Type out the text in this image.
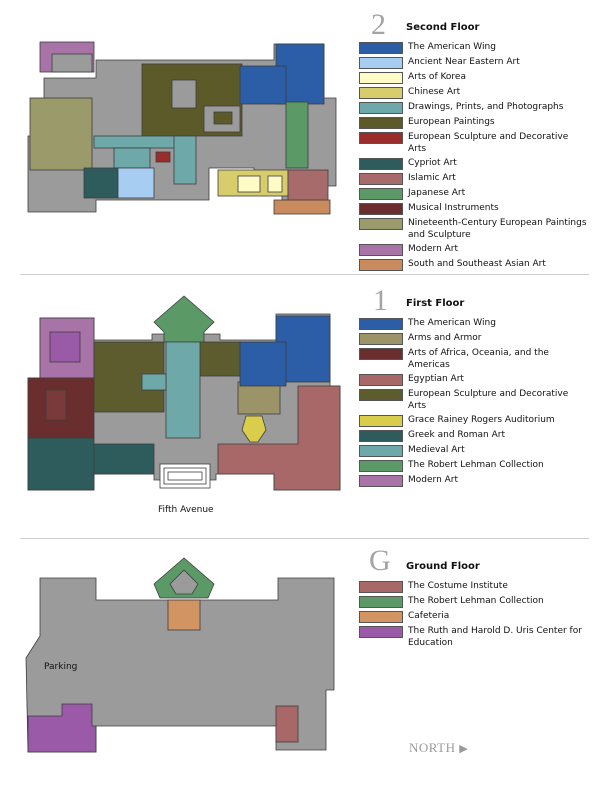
2 Second Floor
The American Wing
Ancient Near Eastern Art
Arts of Korea
Chinese Art
Drawings, Prints, and Photographs
European Paintings
European Sculpture and Decorative Arts
Cypriot Art
Islamic Art
Japanese Art
Musical Instruments
Nineteenth-Century European Paintings and Sculpture
Modern Art
South and Southeast Asian Art
1 First Floor
Fifth Avenue
The American Wing
Arms and Armor
Arts of Africa, Oceania, and the Americas
Egyptian Art
European Sculpture and Decorative Arts
Grace Rainey Rogers Auditorium
Greek and Roman Art
Medieval Art
The Robert Lehman Collection
Modern Art
G Ground Floor
Parking
The Costume Institute
The Robert Lehman Collection
Cafeteria
The Ruth and Harold D. Uris Center for Education
NORTH ▶
